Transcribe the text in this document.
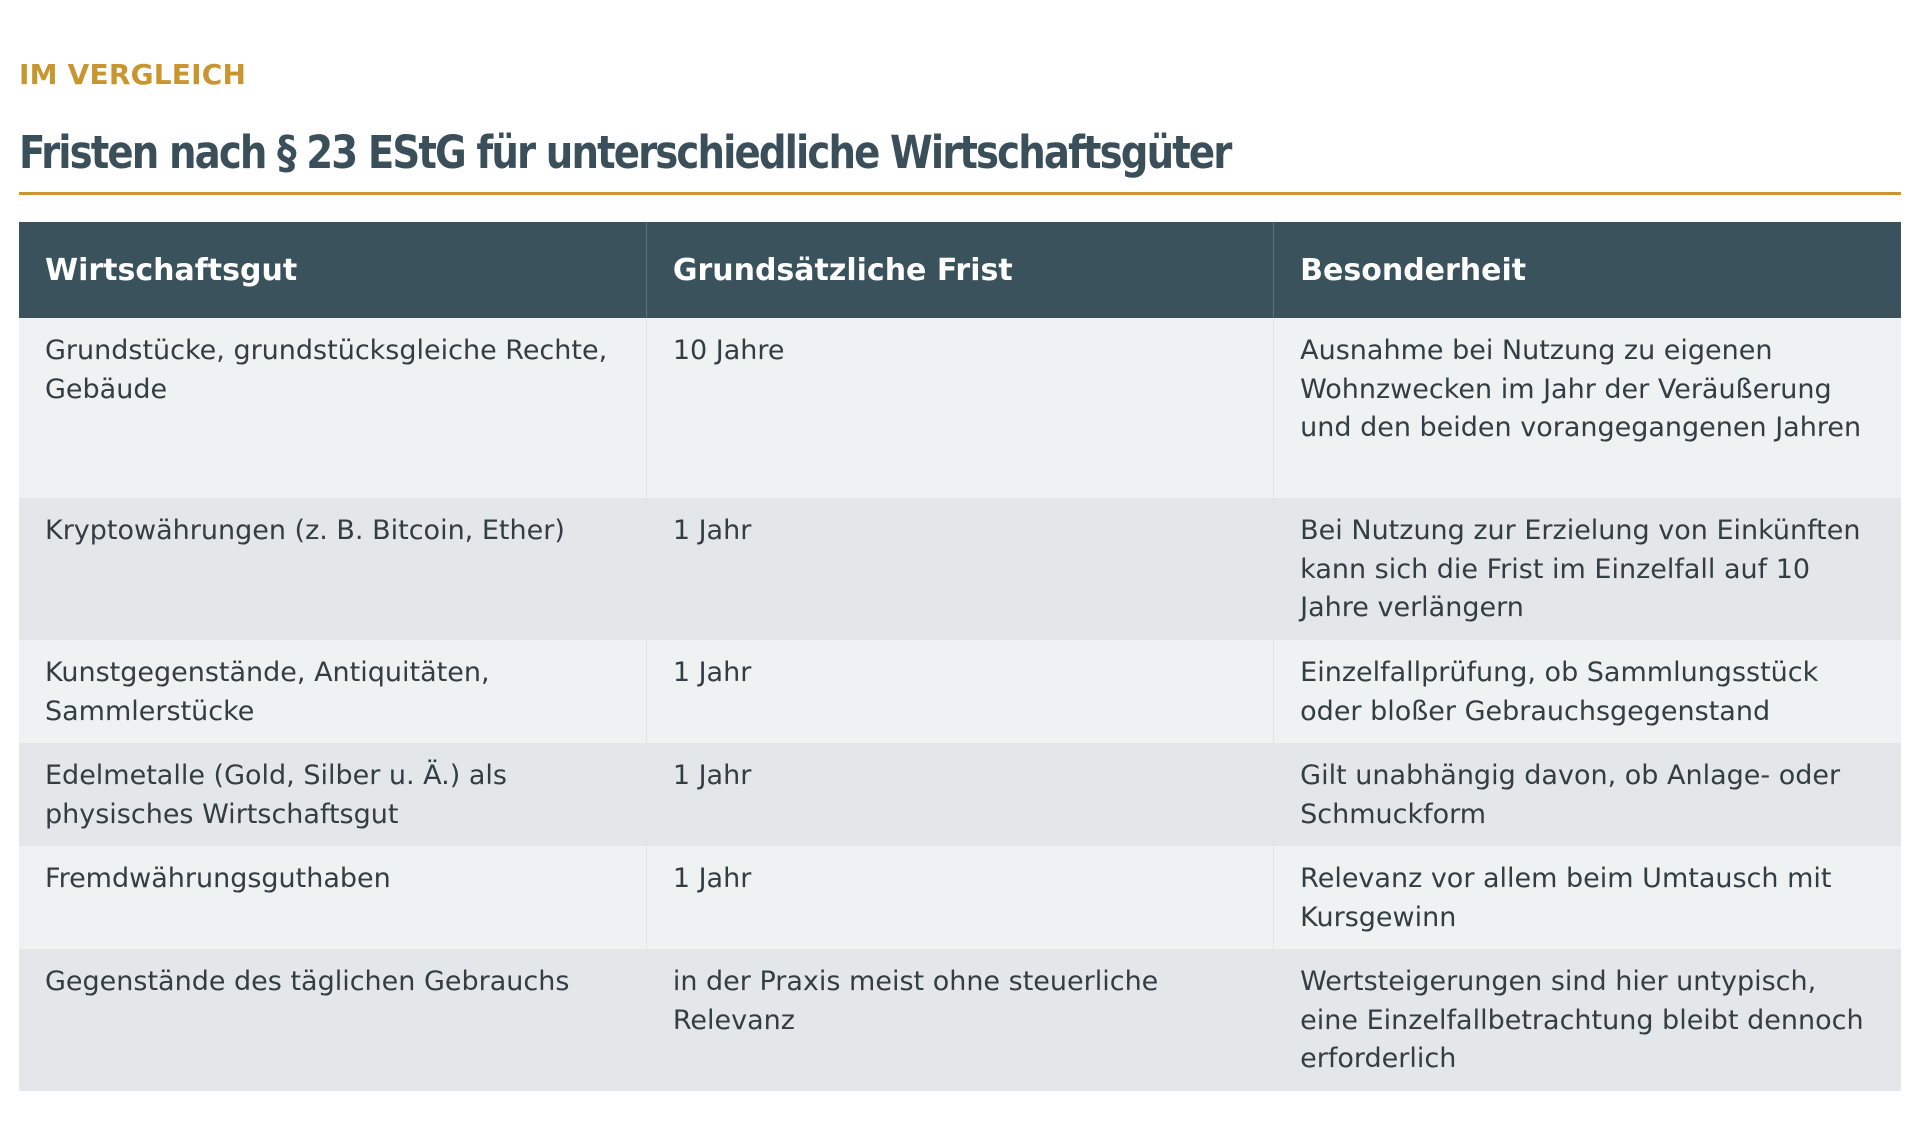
IM VERGLEICH
Fristen nach § 23 EStG für unterschiedliche Wirtschaftsgüter
Wirtschaftsgut	Grundsätzliche Frist	Besonderheit
Grundstücke, grundstücksgleiche Rechte, Gebäude	10 Jahre	Ausnahme bei Nutzung zu eigenen Wohnzwecken im Jahr der Veräußerung und den beiden vorangegangenen Jahren
Kryptowährungen (z. B. Bitcoin, Ether)	1 Jahr	Bei Nutzung zur Erzielung von Einkünften kann sich die Frist im Einzelfall auf 10 Jahre verlängern
Kunstgegenstände, Antiquitäten, Sammlerstücke	1 Jahr	Einzelfallprüfung, ob Sammlungsstück oder bloßer Gebrauchsgegenstand
Edelmetalle (Gold, Silber u. Ä.) als physisches Wirtschaftsgut	1 Jahr	Gilt unabhängig davon, ob Anlage- oder Schmuckform
Fremdwährungsguthaben	1 Jahr	Relevanz vor allem beim Umtausch mit Kursgewinn
Gegenstände des täglichen Gebrauchs	in der Praxis meist ohne steuerliche Relevanz	Wertsteigerungen sind hier untypisch, eine Einzelfallbetrachtung bleibt dennoch erforderlich
